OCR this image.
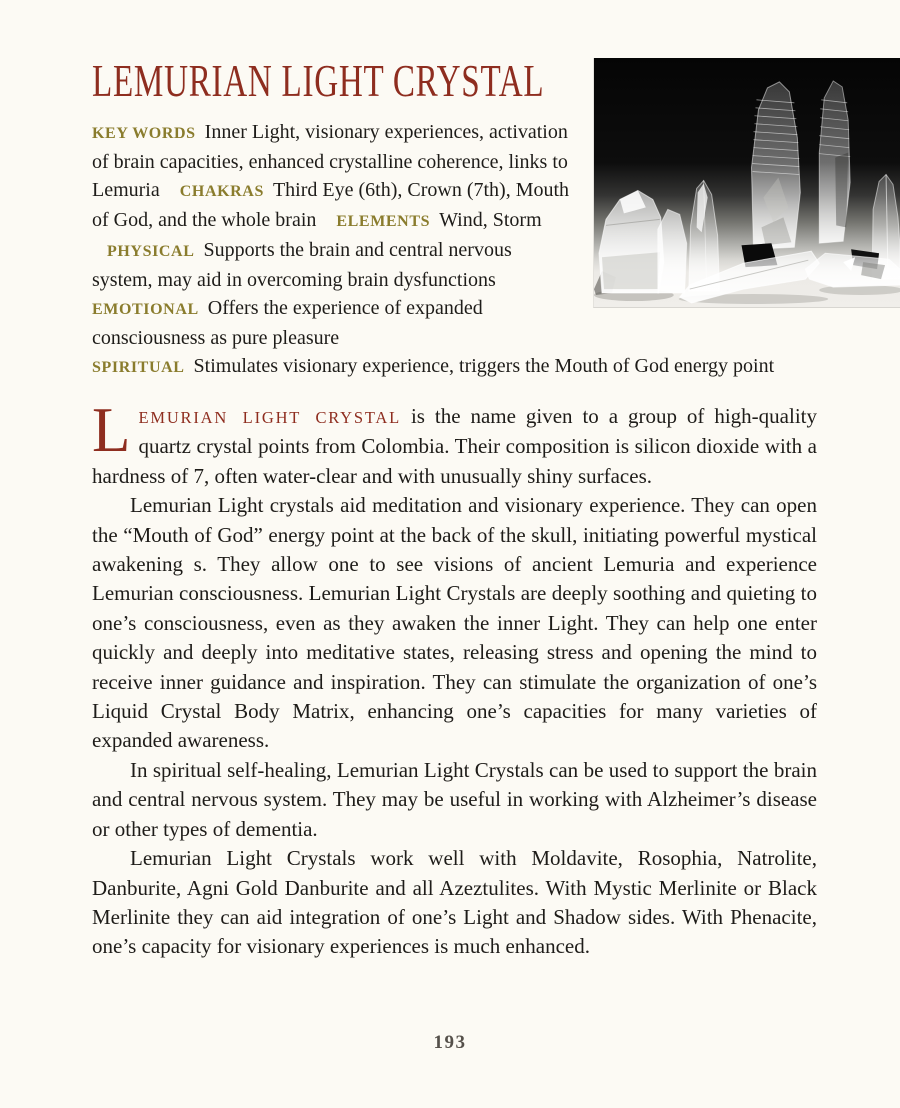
LEMURIAN LIGHT CRYSTAL

KEY WORDS Inner Light, visionary experiences, activation of brain capacities, enhanced crystalline coherence, links to Lemuria CHAKRAS Third Eye (6th), Crown (7th), Mouth of God, and the whole brain ELEMENTS Wind, Storm PHYSICAL Supports the brain and central nervous system, may aid in overcoming brain dysfunctions

EMOTIONAL Offers the experience of expanded consciousness as pure pleasure

SPIRITUAL Stimulates visionary experience, triggers the Mouth of God energy point

LEMURIAN LIGHT CRYSTAL is the name given to a group of high-quality quartz crystal points from Colombia. Their composition is silicon dioxide with a hardness of 7, often water-clear and with unusually shiny surfaces.

Lemurian Light crystals aid meditation and visionary experience. They can open the “Mouth of God” energy point at the back of the skull, initiating powerful mystical awakening s. They allow one to see visions of ancient Lemuria and experience Lemurian consciousness. Lemurian Light Crystals are deeply soothing and quieting to one’s consciousness, even as they awaken the inner Light. They can help one enter quickly and deeply into meditative states, releasing stress and opening the mind to receive inner guidance and inspiration. They can stimulate the organization of one’s Liquid Crystal Body Matrix, enhancing one’s capacities for many varieties of expanded awareness.

In spiritual self-healing, Lemurian Light Crystals can be used to support the brain and central nervous system. They may be useful in working with Alzheimer’s disease or other types of dementia.

Lemurian Light Crystals work well with Moldavite, Rosophia, Natrolite, Danburite, Agni Gold Danburite and all Azeztulites. With Mystic Merlinite or Black Merlinite they can aid integration of one’s Light and Shadow sides. With Phenacite, one’s capacity for visionary experiences is much enhanced.

193
